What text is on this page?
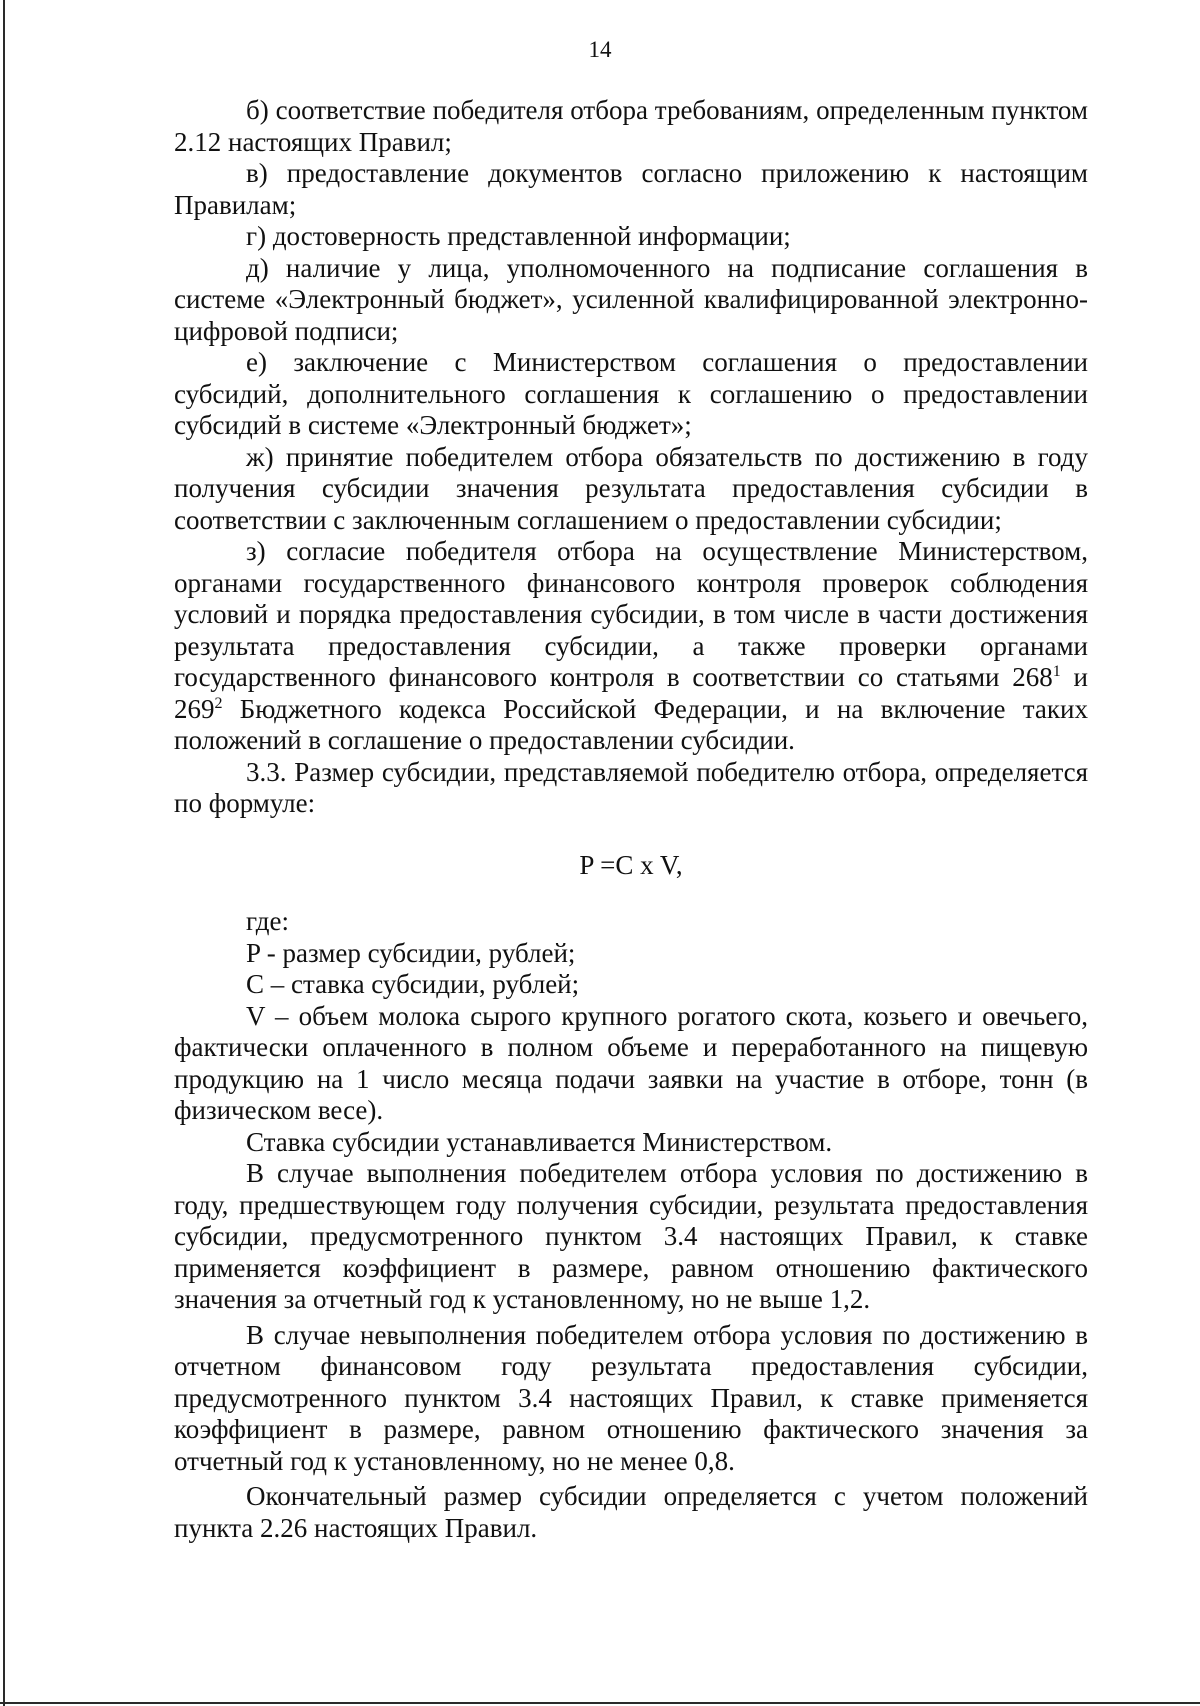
14

б) соответствие победителя отбора требованиям, определенным пунктом 2.12 настоящих Правил;

в) предоставление документов согласно приложению к настоящим Правилам;

г) достоверность представленной информации;

д) наличие у лица, уполномоченного на подписание соглашения в системе «Электронный бюджет», усиленной квалифицированной электронно-цифровой подписи;

е) заключение с Министерством соглашения о предоставлении субсидий, дополнительного соглашения к соглашению о предоставлении субсидий в системе «Электронный бюджет»;

ж) принятие победителем отбора обязательств по достижению в году получения субсидии значения результата предоставления субсидии в соответствии с заключенным соглашением о предоставлении субсидии;

з) согласие победителя отбора на осуществление Министерством, органами государственного финансового контроля проверок соблюдения условий и порядка предоставления субсидии, в том числе в части достижения результата предоставления субсидии, а также проверки органами государственного финансового контроля в соответствии со статьями $268^1$ и $269^2$ Бюджетного кодекса Российской Федерации, и на включение таких положений в соглашение о предоставлении субсидии.

3.3. Размер субсидии, представляемой победителю отбора, определяется по формуле:

P =C x V,

где:

P - размер субсидии, рублей;

C – ставка субсидии, рублей;

V – объем молока сырого крупного рогатого скота, козьего и овечьего, фактически оплаченного в полном объеме и переработанного на пищевую продукцию на 1 число месяца подачи заявки на участие в отборе, тонн (в физическом весе).

Ставка субсидии устанавливается Министерством.

В случае выполнения победителем отбора условия по достижению в году, предшествующем году получения субсидии, результата предоставления субсидии, предусмотренного пунктом 3.4 настоящих Правил, к ставке применяется коэффициент в размере, равном отношению фактического значения за отчетный год к установленному, но не выше 1,2.

В случае невыполнения победителем отбора условия по достижению в отчетном финансовом году результата предоставления субсидии, предусмотренного пунктом 3.4 настоящих Правил, к ставке применяется коэффициент в размере, равном отношению фактического значения за отчетный год к установленному, но не менее 0,8.

Окончательный размер субсидии определяется с учетом положений пункта 2.26 настоящих Правил.
